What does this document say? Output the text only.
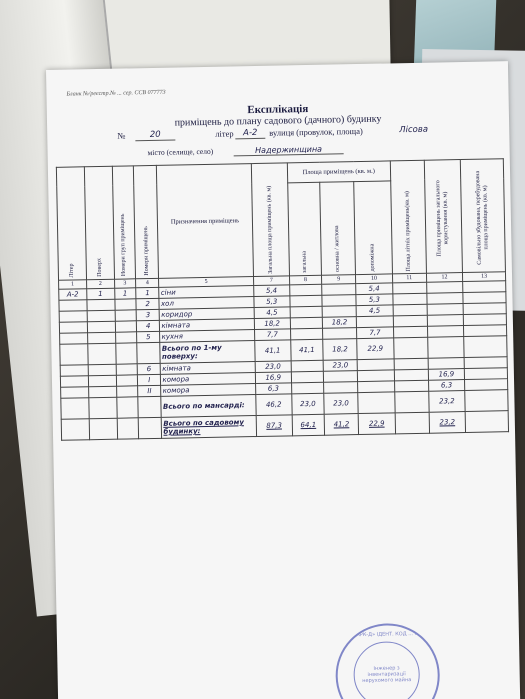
Бланк №/реєстр.№ ... сер. ССВ 077773
Експлікація
приміщень до плану садового (дачного) будинку
№	20	літер	А-2	вулиця (провулок, площа)	Лісова
місто (селище, село)	Надержинщина
Літер	Поверх	Номери груп приміщень	Номери приміщень	Призначення приміщень	Загальна площа приміщень (кв. м)	Площа приміщень (кв. м.)			Площа літніх приміщень(кв. м)	Площа приміщень загального користування (кв. м)	Самовільно збудована, перебудована площа приміщень (кв. м)

						загальна	основна / житлова	допоміжна			

1	2	3	4	5	7	8	9	10	11	12	13
А-2	1	1	1	сіни	5,4			5,4			
			2	хол	5,3			5,3			
			3	коридор	4,5			4,5			
			4	кімната	18,2		18,2				
			5	кухня	7,7			7,7			
				Всього по 1-му поверху:	41,1	41,1	18,2	22,9			
			6	кімната	23,0		23,0				
			I	комора	16,9					16,9	
			II	комора	6,3					6,3	
				Всього по мансарді:	46,2	23,0	23,0			23,2	
				Всього по садовому будинку:	87,3	64,1	41,2	22,9		23,2	
ТОВ «ПАРК-Д» ІДЕНТ. КОД ... УКРАЇНА
Інженер з інвентаризації нерухомого майна
